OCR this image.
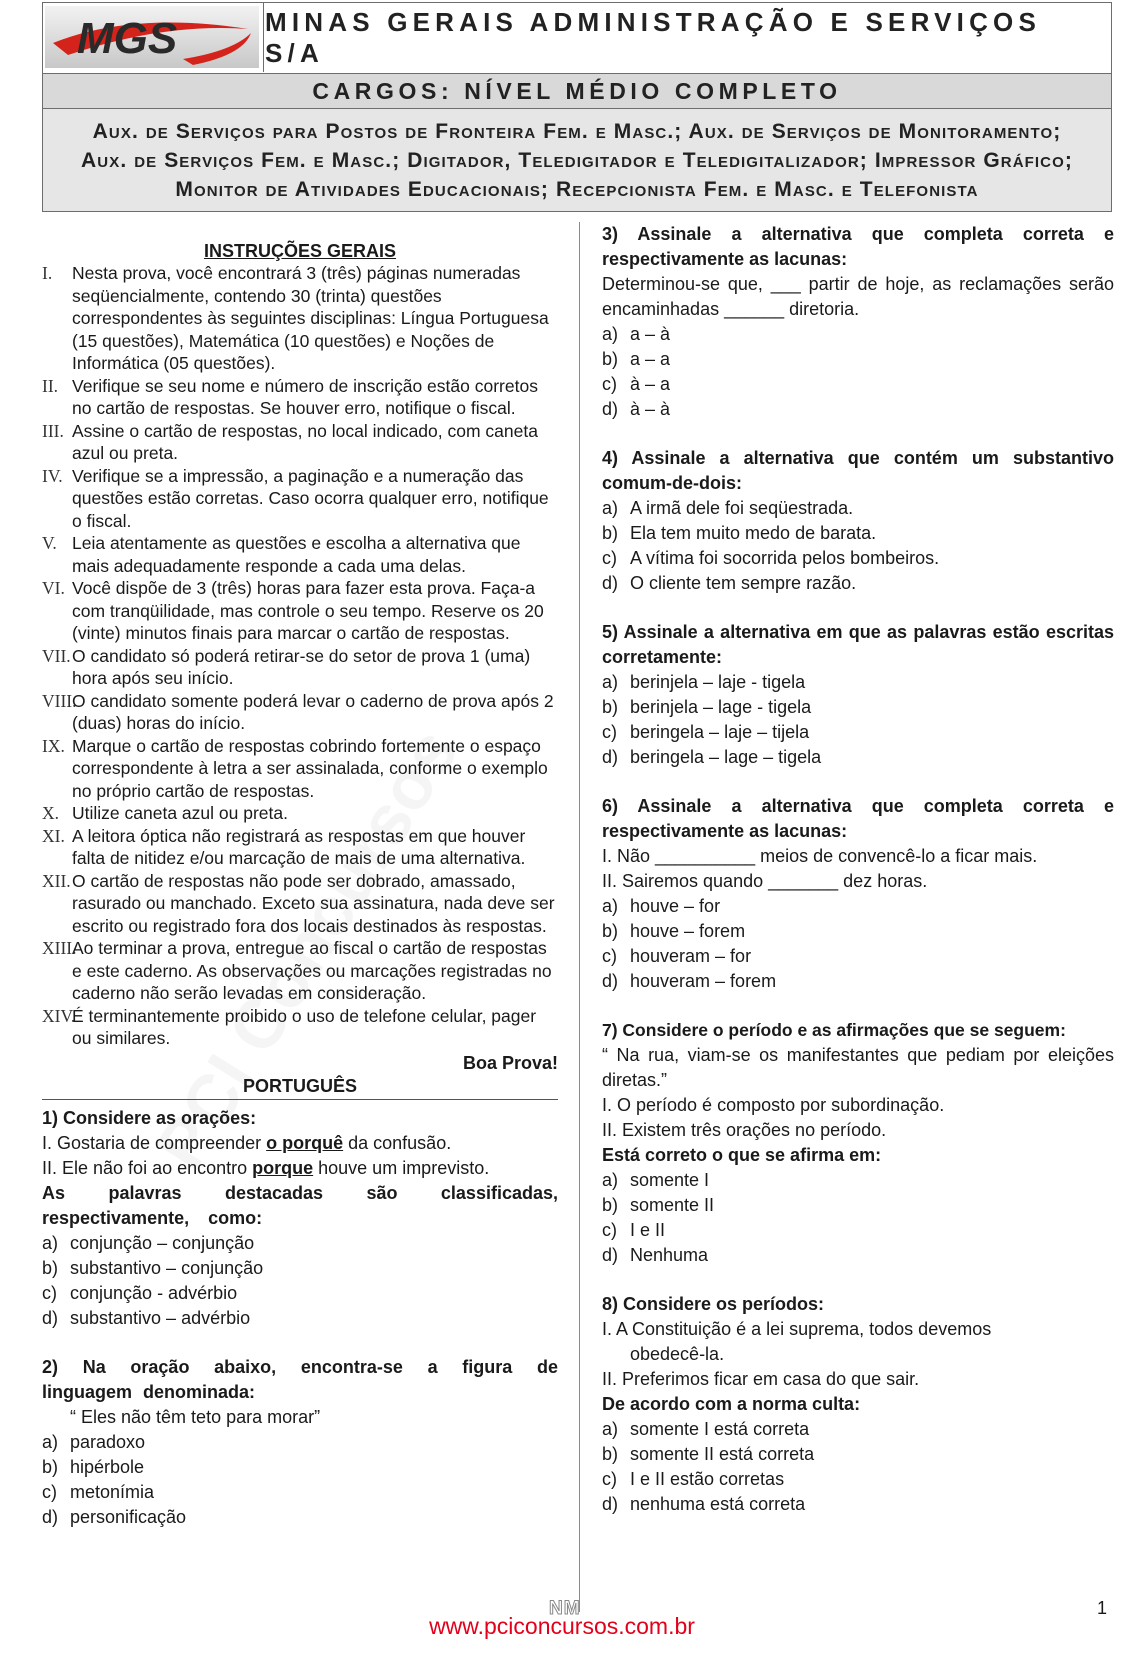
MGS	MINAS GERAIS ADMINISTRAÇÃO E SERVIÇOS S/A
CARGOS: NÍVEL MÉDIO COMPLETO
Aux. de Serviços para Postos de Fronteira Fem. e Masc.; Aux. de Serviços de Monitoramento;
Aux. de Serviços Fem. e Masc.; Digitador, Teledigitador e Teledigitalizador; Impressor Gráfico;
Monitor de Atividades Educacionais; Recepcionista Fem. e Masc. e Telefonista
INSTRUÇÕES GERAIS
I. Nesta prova, você encontrará 3 (três) páginas numeradas seqüencialmente, contendo 30 (trinta) questões correspondentes às seguintes disciplinas: Língua Portuguesa (15 questões), Matemática (10 questões) e Noções de Informática (05 questões).
II. Verifique se seu nome e número de inscrição estão corretos no cartão de respostas. Se houver erro, notifique o fiscal.
III. Assine o cartão de respostas, no local indicado, com caneta azul ou preta.
IV. Verifique se a impressão, a paginação e a numeração das questões estão corretas. Caso ocorra qualquer erro, notifique o fiscal.
V. Leia atentamente as questões e escolha a alternativa que mais adequadamente responde a cada uma delas.
VI. Você dispõe de 3 (três) horas para fazer esta prova. Faça-a com tranqüilidade, mas controle o seu tempo. Reserve os 20 (vinte) minutos finais para marcar o cartão de respostas.
VII. O candidato só poderá retirar-se do setor de prova 1 (uma) hora após seu início.
VIII.
O candidato somente poderá levar o caderno de prova após 2 (duas) horas do início.
IX. Marque o cartão de respostas cobrindo fortemente o espaço correspondente à letra a ser assinalada, conforme o exemplo no próprio cartão de respostas.
X. Utilize caneta azul ou preta.
XI. A leitora óptica não registrará as respostas em que houver falta de nitidez e/ou marcação de mais de uma alternativa.
XII. O cartão de respostas não pode ser dobrado, amassado, rasurado ou manchado. Exceto sua assinatura, nada deve ser escrito ou registrado fora dos locais destinados às respostas.
XIII.
Ao terminar a prova, entregue ao fiscal o cartão de respostas e este caderno. As observações ou marcações registradas no caderno não serão levadas em consideração.
XIV.
É terminantemente proibido o uso de telefone celular, pager ou similares.
Boa Prova!
PORTUGUÊS
1) Considere as orações:
I. Gostaria de compreender o porquê da confusão.
II. Ele não foi ao encontro porque houve um imprevisto.
As palavras destacadas são classificadas, respectivamente, como:
a) conjunção – conjunção
b) substantivo – conjunção
c) conjunção - advérbio
d) substantivo – advérbio
2) Na oração abaixo, encontra-se a figura de linguagem denominada:
“ Eles não têm teto para morar”
a) paradoxo
b) hipérbole
c) metonímia
d) personificação
3) Assinale a alternativa que completa correta e respectivamente as lacunas:
Determinou-se que, ___ partir de hoje, as reclamações serão encaminhadas ______ diretoria.
a) a – à
b) a – a
c) à – a
d) à – à
4) Assinale a alternativa que contém um substantivo comum-de-dois:
a) A irmã dele foi seqüestrada.
b) Ela tem muito medo de barata.
c) A vítima foi socorrida pelos bombeiros.
d) O cliente tem sempre razão.
5) Assinale a alternativa em que as palavras estão escritas corretamente:
a) berinjela – laje - tigela
b) berinjela – lage - tigela
c) beringela – laje – tijela
d) beringela – lage – tigela
6) Assinale a alternativa que completa correta e respectivamente as lacunas:
I. Não __________ meios de convencê-lo a ficar mais.
II. Sairemos quando _______ dez horas.
a) houve – for
b) houve – forem
c) houveram – for
d) houveram – forem
7) Considere o período e as afirmações que se seguem:
“ Na rua, viam-se os manifestantes que pediam por eleições diretas.”
I. O período é composto por subordinação.
II. Existem três orações no período.
Está correto o que se afirma em:
a) somente I
b) somente II
c) I e II
d) Nenhuma
8) Considere os períodos:
I. A Constituição é a lei suprema, todos devemos
obedecê-la.
II. Preferimos ficar em casa do que sair.
De acordo com a norma culta:
a) somente I está correta
b) somente II está correta
c) I e II estão corretas
d) nenhuma está correta
NM
www.pciconcursos.com.br
1
